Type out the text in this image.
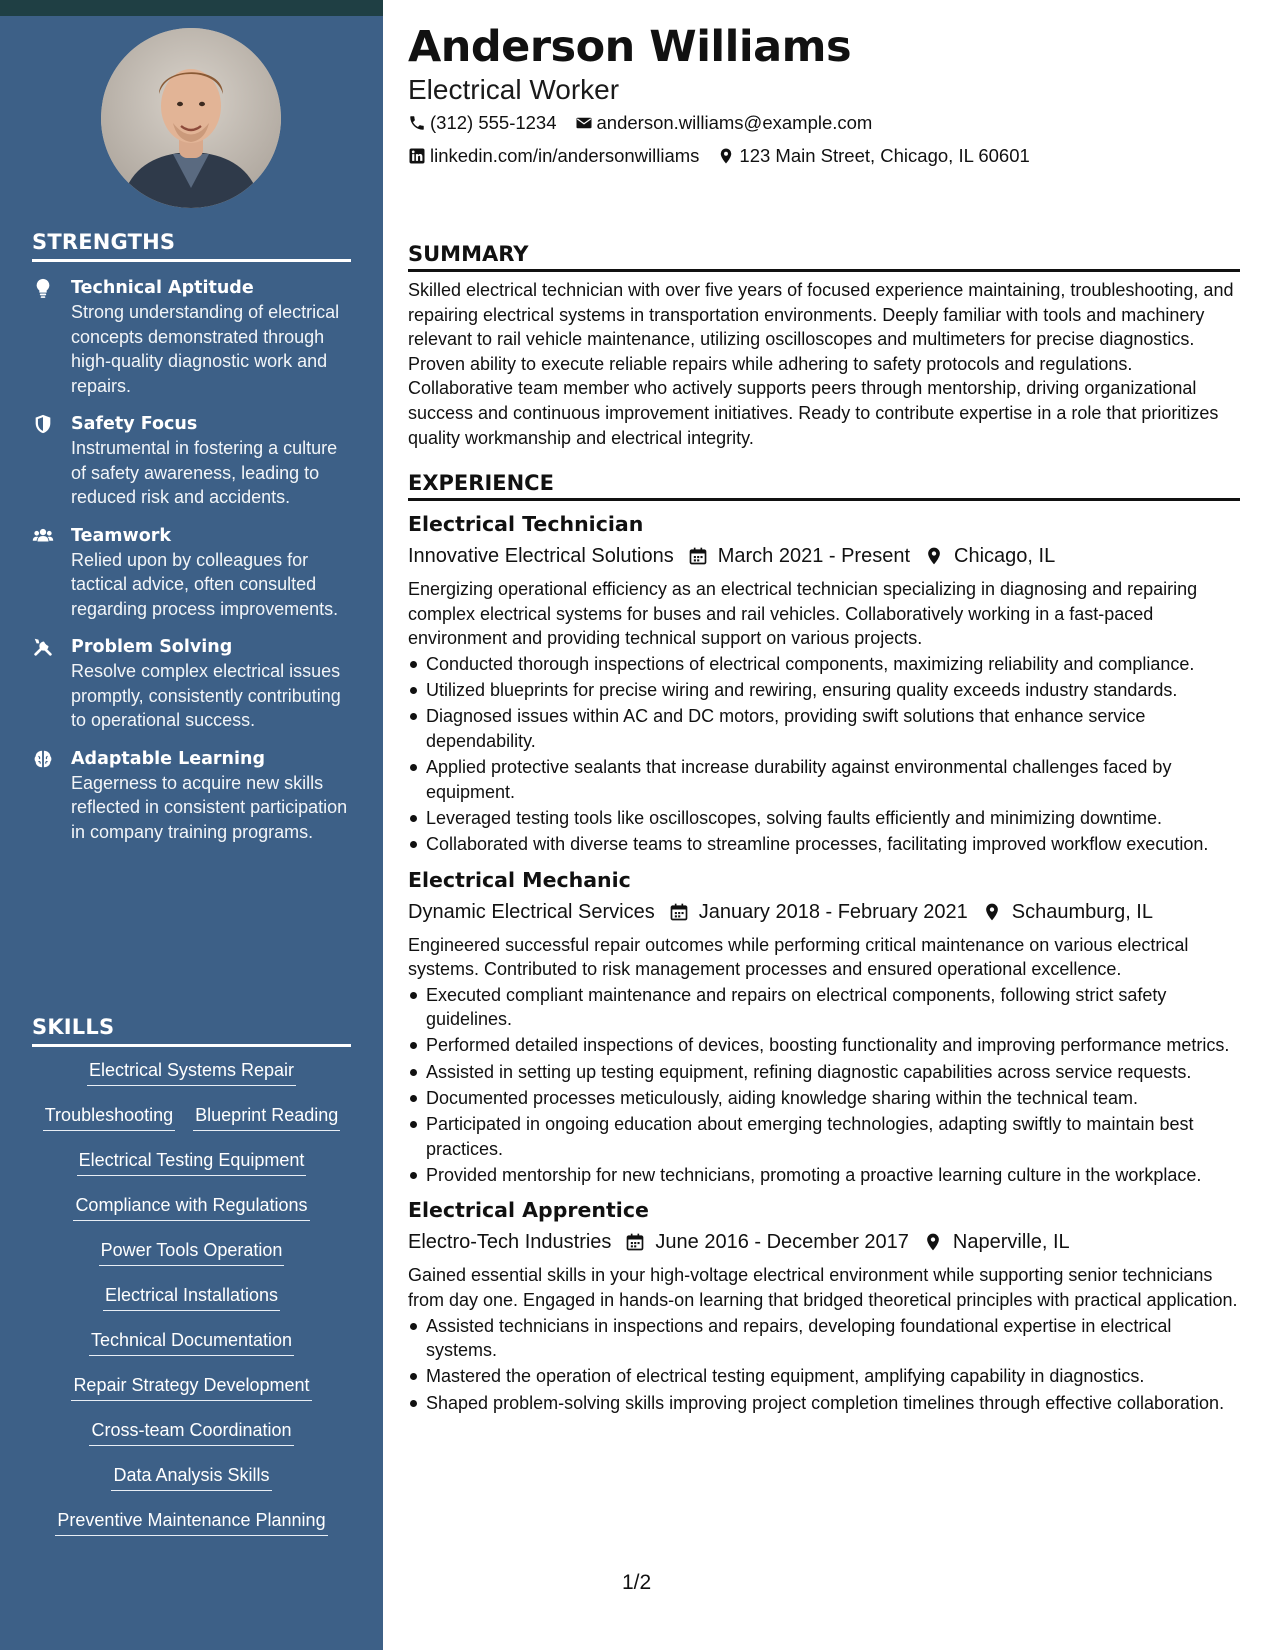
STRENGTHS
Technical Aptitude
Strong understanding of electrical concepts demonstrated through high-quality diagnostic work and repairs.
Safety Focus
Instrumental in fostering a culture of safety awareness, leading to reduced risk and accidents.
Teamwork
Relied upon by colleagues for tactical advice, often consulted regarding process improvements.
Problem Solving
Resolve complex electrical issues promptly, consistently contributing to operational success.
Adaptable Learning
Eagerness to acquire new skills reflected in consistent participation in company training programs.
SKILLS
Electrical Systems Repair
Troubleshooting Blueprint Reading
Electrical Testing Equipment
Compliance with Regulations
Power Tools Operation
Electrical Installations
Technical Documentation
Repair Strategy Development
Cross-team Coordination
Data Analysis Skills
Preventive Maintenance Planning
Anderson Williams
Electrical Worker
(312) 555-1234 anderson.williams@example.com
linkedin.com/in/andersonwilliams 123 Main Street, Chicago, IL 60601
SUMMARY
Skilled electrical technician with over five years of focused experience maintaining, troubleshooting, and repairing electrical systems in transportation environments. Deeply familiar with tools and machinery relevant to rail vehicle maintenance, utilizing oscilloscopes and multimeters for precise diagnostics. Proven ability to execute reliable repairs while adhering to safety protocols and regulations. Collaborative team member who actively supports peers through mentorship, driving organizational success and continuous improvement initiatives. Ready to contribute expertise in a role that prioritizes quality workmanship and electrical integrity.
EXPERIENCE
Electrical Technician
Innovative Electrical Solutions March 2021 - Present Chicago, IL
Energizing operational efficiency as an electrical technician specializing in diagnosing and repairing complex electrical systems for buses and rail vehicles. Collaboratively working in a fast-paced environment and providing technical support on various projects.
Conducted thorough inspections of electrical components, maximizing reliability and compliance.
Utilized blueprints for precise wiring and rewiring, ensuring quality exceeds industry standards.
Diagnosed issues within AC and DC motors, providing swift solutions that enhance service dependability.
Applied protective sealants that increase durability against environmental challenges faced by equipment.
Leveraged testing tools like oscilloscopes, solving faults efficiently and minimizing downtime.
Collaborated with diverse teams to streamline processes, facilitating improved workflow execution.
Electrical Mechanic
Dynamic Electrical Services January 2018 - February 2021 Schaumburg, IL
Engineered successful repair outcomes while performing critical maintenance on various electrical systems. Contributed to risk management processes and ensured operational excellence.
Executed compliant maintenance and repairs on electrical components, following strict safety guidelines.
Performed detailed inspections of devices, boosting functionality and improving performance metrics.
Assisted in setting up testing equipment, refining diagnostic capabilities across service requests.
Documented processes meticulously, aiding knowledge sharing within the technical team.
Participated in ongoing education about emerging technologies, adapting swiftly to maintain best practices.
Provided mentorship for new technicians, promoting a proactive learning culture in the workplace.
Electrical Apprentice
Electro-Tech Industries June 2016 - December 2017 Naperville, IL
Gained essential skills in your high-voltage electrical environment while supporting senior technicians from day one. Engaged in hands-on learning that bridged theoretical principles with practical application.
Assisted technicians in inspections and repairs, developing foundational expertise in electrical systems.
Mastered the operation of electrical testing equipment, amplifying capability in diagnostics.
Shaped problem-solving skills improving project completion timelines through effective collaboration.
1/2
